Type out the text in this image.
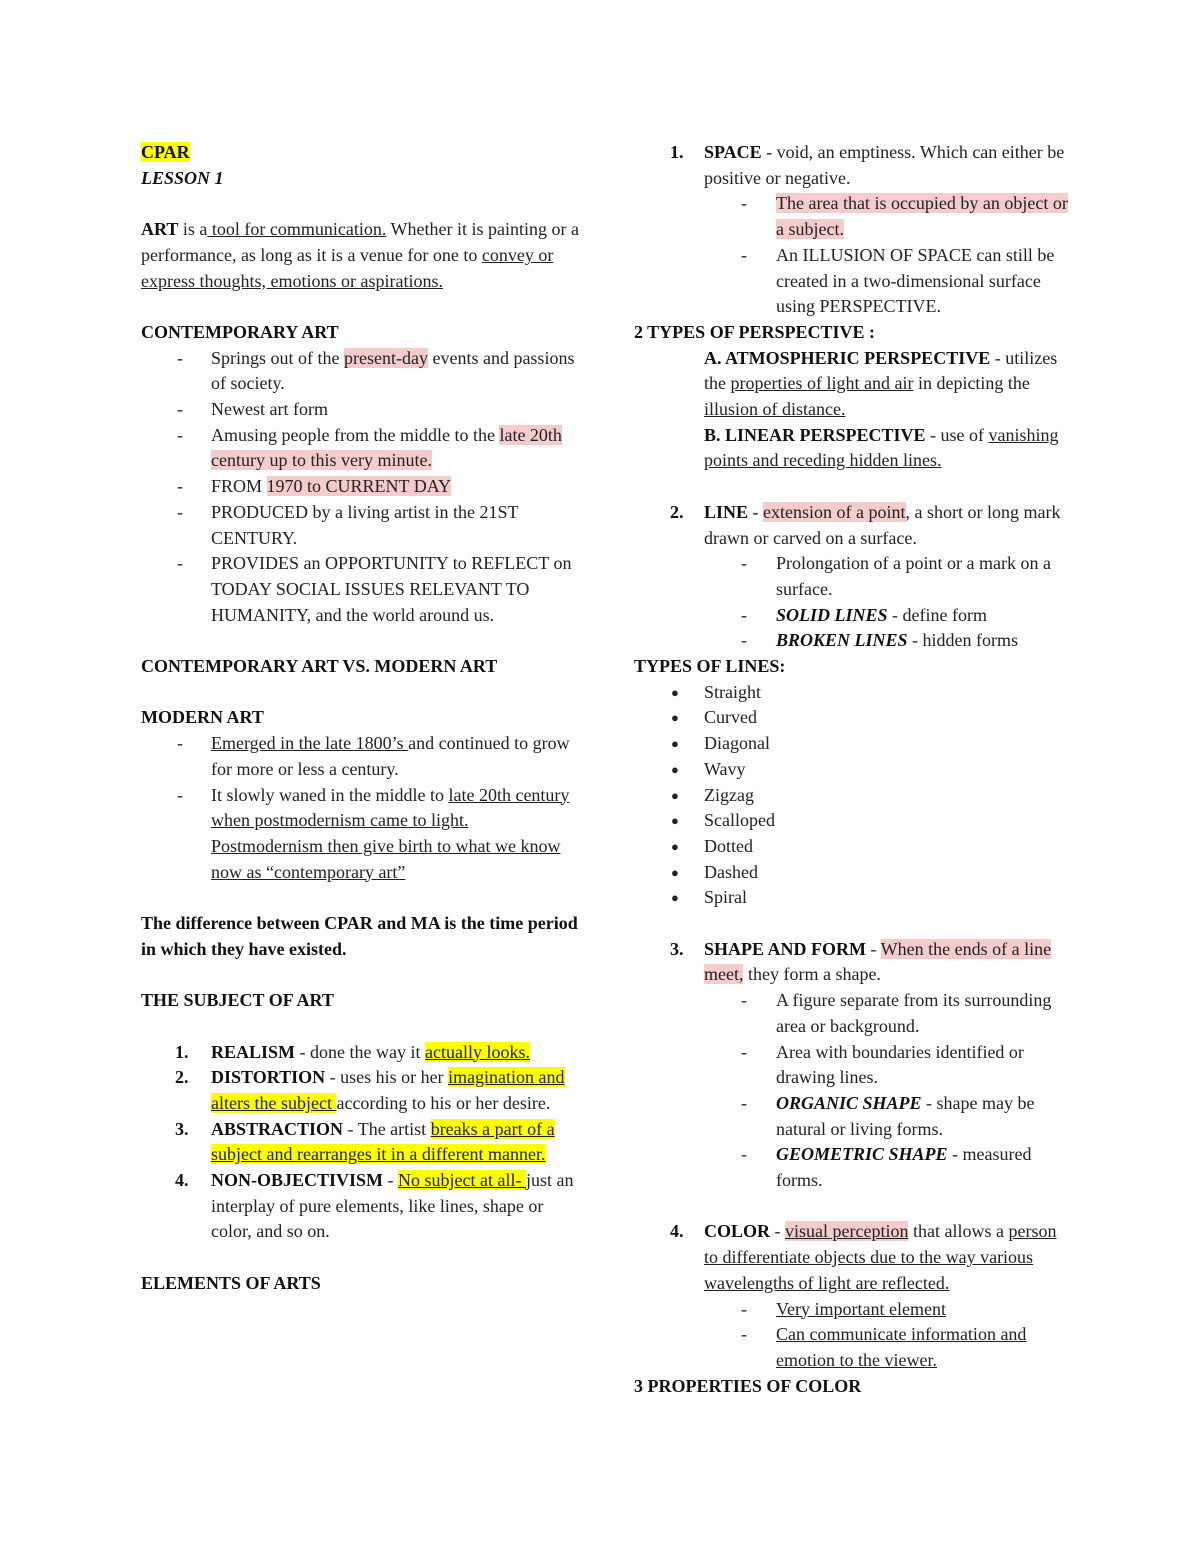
CPAR
LESSON 1
ART is a tool for communication. Whether it is painting or a performance, as long as it is a venue for one to convey or express thoughts, emotions or aspirations.
CONTEMPORARY ART
- Springs out of the present-day events and passions of society.
- Newest art form
- Amusing people from the middle to the late 20th century up to this very minute.
- FROM 1970 to CURRENT DAY
- PRODUCED by a living artist in the 21ST CENTURY.
- PROVIDES an OPPORTUNITY to REFLECT on TODAY SOCIAL ISSUES RELEVANT TO HUMANITY, and the world around us.
CONTEMPORARY ART VS. MODERN ART
MODERN ART
- Emerged in the late 1800’s and continued to grow for more or less a century.
- It slowly waned in the middle to late 20th century when postmodernism came to light. Postmodernism then give birth to what we know now as “contemporary art”
The difference between CPAR and MA is the time period in which they have existed.
THE SUBJECT OF ART
1. REALISM - done the way it actually looks.
2. DISTORTION - uses his or her imagination and alters the subject according to his or her desire.
3. ABSTRACTION - The artist breaks a part of a subject and rearranges it in a different manner.
4. NON-OBJECTIVISM - No subject at all- just an interplay of pure elements, like lines, shape or color, and so on.
ELEMENTS OF ARTS
1. SPACE - void, an emptiness. Which can either be positive or negative.
- The area that is occupied by an object or a subject.
- An ILLUSION OF SPACE can still be created in a two-dimensional surface using PERSPECTIVE.
2 TYPES OF PERSPECTIVE :
A. ATMOSPHERIC PERSPECTIVE - utilizes the properties of light and air in depicting the illusion of distance.
B. LINEAR PERSPECTIVE - use of vanishing points and receding hidden lines.
2. LINE - extension of a point, a short or long mark drawn or carved on a surface.
- Prolongation of a point or a mark on a surface.
- SOLID LINES - define form
- BROKEN LINES - hidden forms
TYPES OF LINES:
● Straight
● Curved
● Diagonal
● Wavy
● Zigzag
● Scalloped
● Dotted
● Dashed
● Spiral
3. SHAPE AND FORM - When the ends of a line meet, they form a shape.
- A figure separate from its surrounding area or background.
- Area with boundaries identified or drawing lines.
- ORGANIC SHAPE - shape may be natural or living forms.
- GEOMETRIC SHAPE - measured forms.
4. COLOR - visual perception that allows a person to differentiate objects due to the way various wavelengths of light are reflected.
- Very important element
- Can communicate information and emotion to the viewer.
3 PROPERTIES OF COLOR
